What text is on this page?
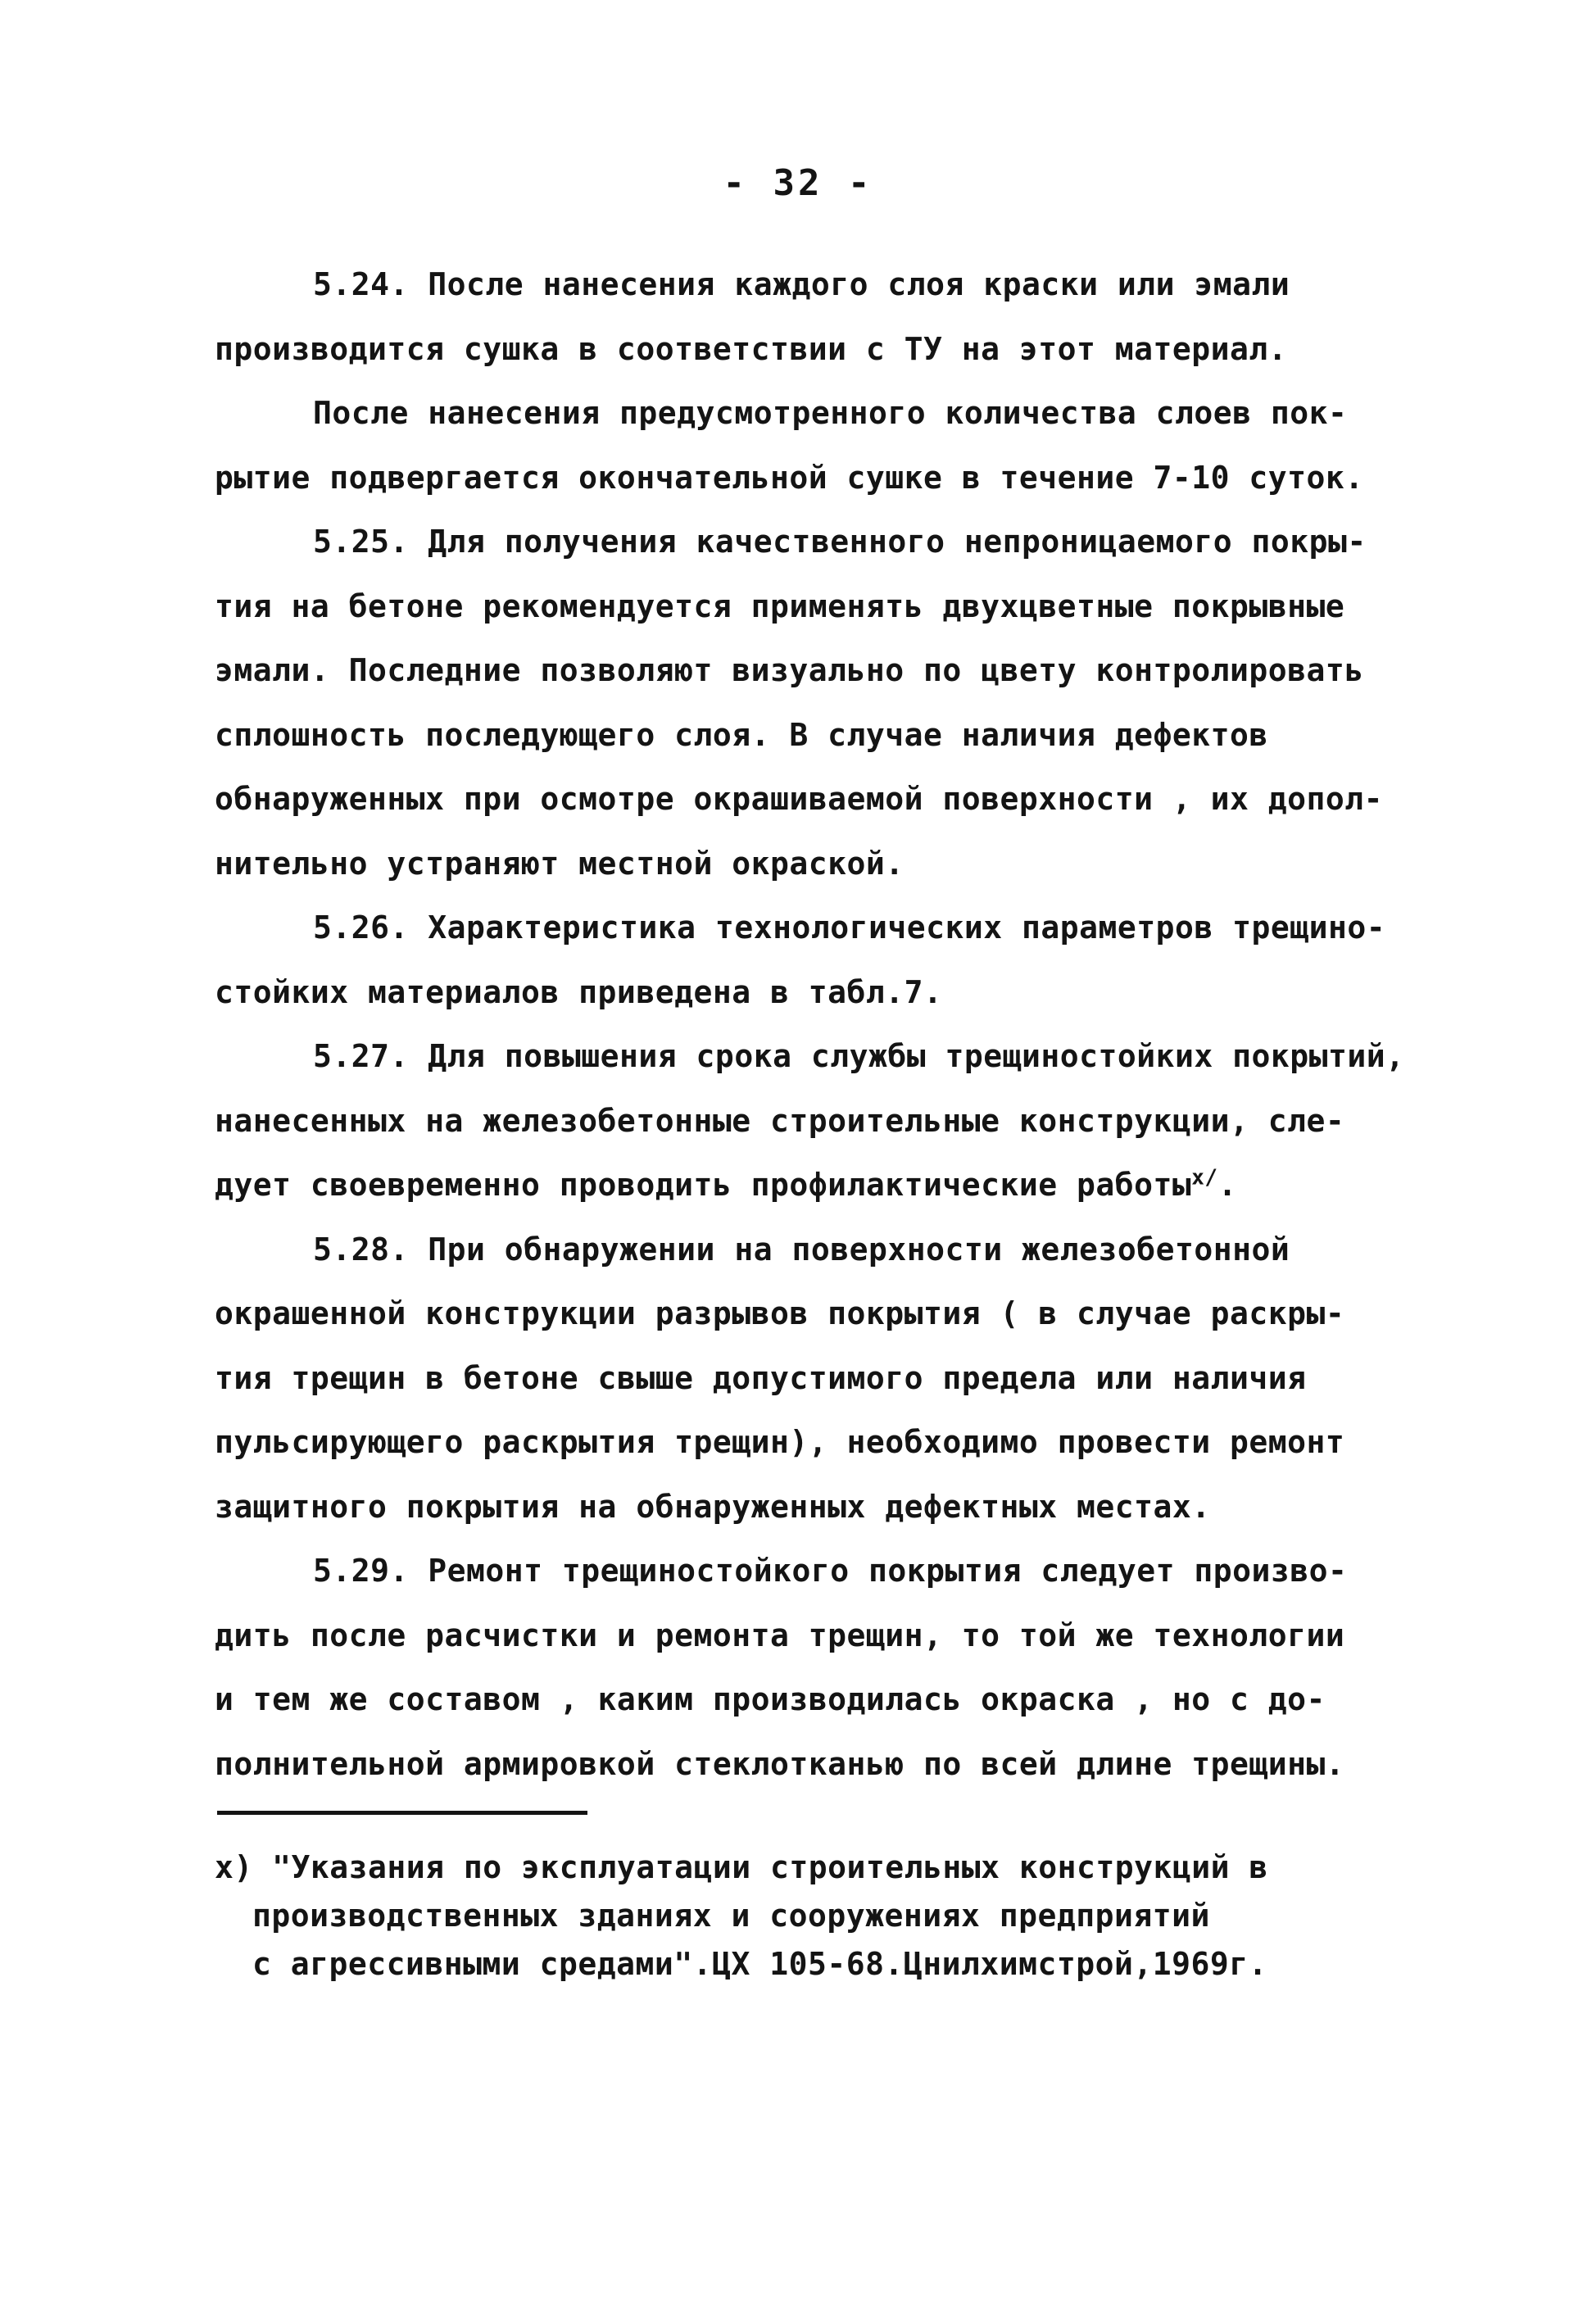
- 32 -
5.24. После нанесения каждого слоя краски или эмали
производится сушка в соответствии с ТУ на этот материал.
После нанесения предусмотренного количества слоев пок-
рытие подвергается окончательной сушке в течение 7-10 суток.
5.25. Для получения качественного непроницаемого покры-
тия на бетоне рекомендуется применять двухцветные покрывные
эмали. Последние позволяют визуально по цвету контролировать
сплошность последующего слоя. В случае наличия дефектов
обнаруженных при осмотре окрашиваемой поверхности , их допол-
нительно устраняют местной окраской.
5.26. Характеристика технологических параметров трещино-
стойких материалов приведена в табл.7.
5.27. Для повышения срока службы трещиностойких покрытий,
нанесенных на железобетонные строительные конструкции, сле-
дует своевременно проводить профилактические работы$^{x/}$.
5.28. При обнаружении на поверхности железобетонной
окрашенной конструкции разрывов покрытия ( в случае раскры-
тия трещин в бетоне свыше допустимого предела или наличия
пульсирующего раскрытия трещин), необходимо провести ремонт
защитного покрытия на обнаруженных дефектных местах.
5.29. Ремонт трещиностойкого покрытия следует произво-
дить после расчистки и ремонта трещин, то той же технологии
и тем же составом , каким производилась окраска , но с до-
полнительной армировкой стеклотканью по всей длине трещины.
x) "Указания по эксплуатации строительных конструкций в
производственных зданиях и сооружениях предприятий
с агрессивными средами".ЦХ 105-68.Цнилхимстрой,1969г.
